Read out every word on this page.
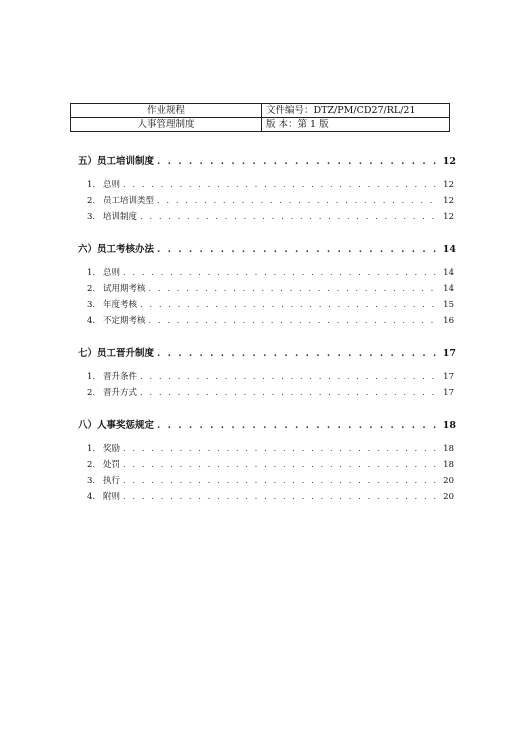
作业规程	文件编号：DTZ/PM/CD27/RL/21
人事管理制度	版 本：第 1 版
五）员工培训制度 . . .	12
1. 总则 . . .	12
2. 员工培训类型 . . .	12
3. 培训制度 . . .	12
六）员工考核办法 . . .	14
1. 总则 . . .	14
2. 试用期考核 . . .	14
3. 年度考核 . . .	15
4. 不定期考核 . . .	16
七）员工晋升制度 . . .	17
1. 晋升条件 . . .	17
2. 晋升方式 . . .	17
八）人事奖惩规定 . . .	18
1. 奖励 . . .	18
2. 处罚 . . .	18
3. 执行 . . .	20
4. 附则 . . .	20
